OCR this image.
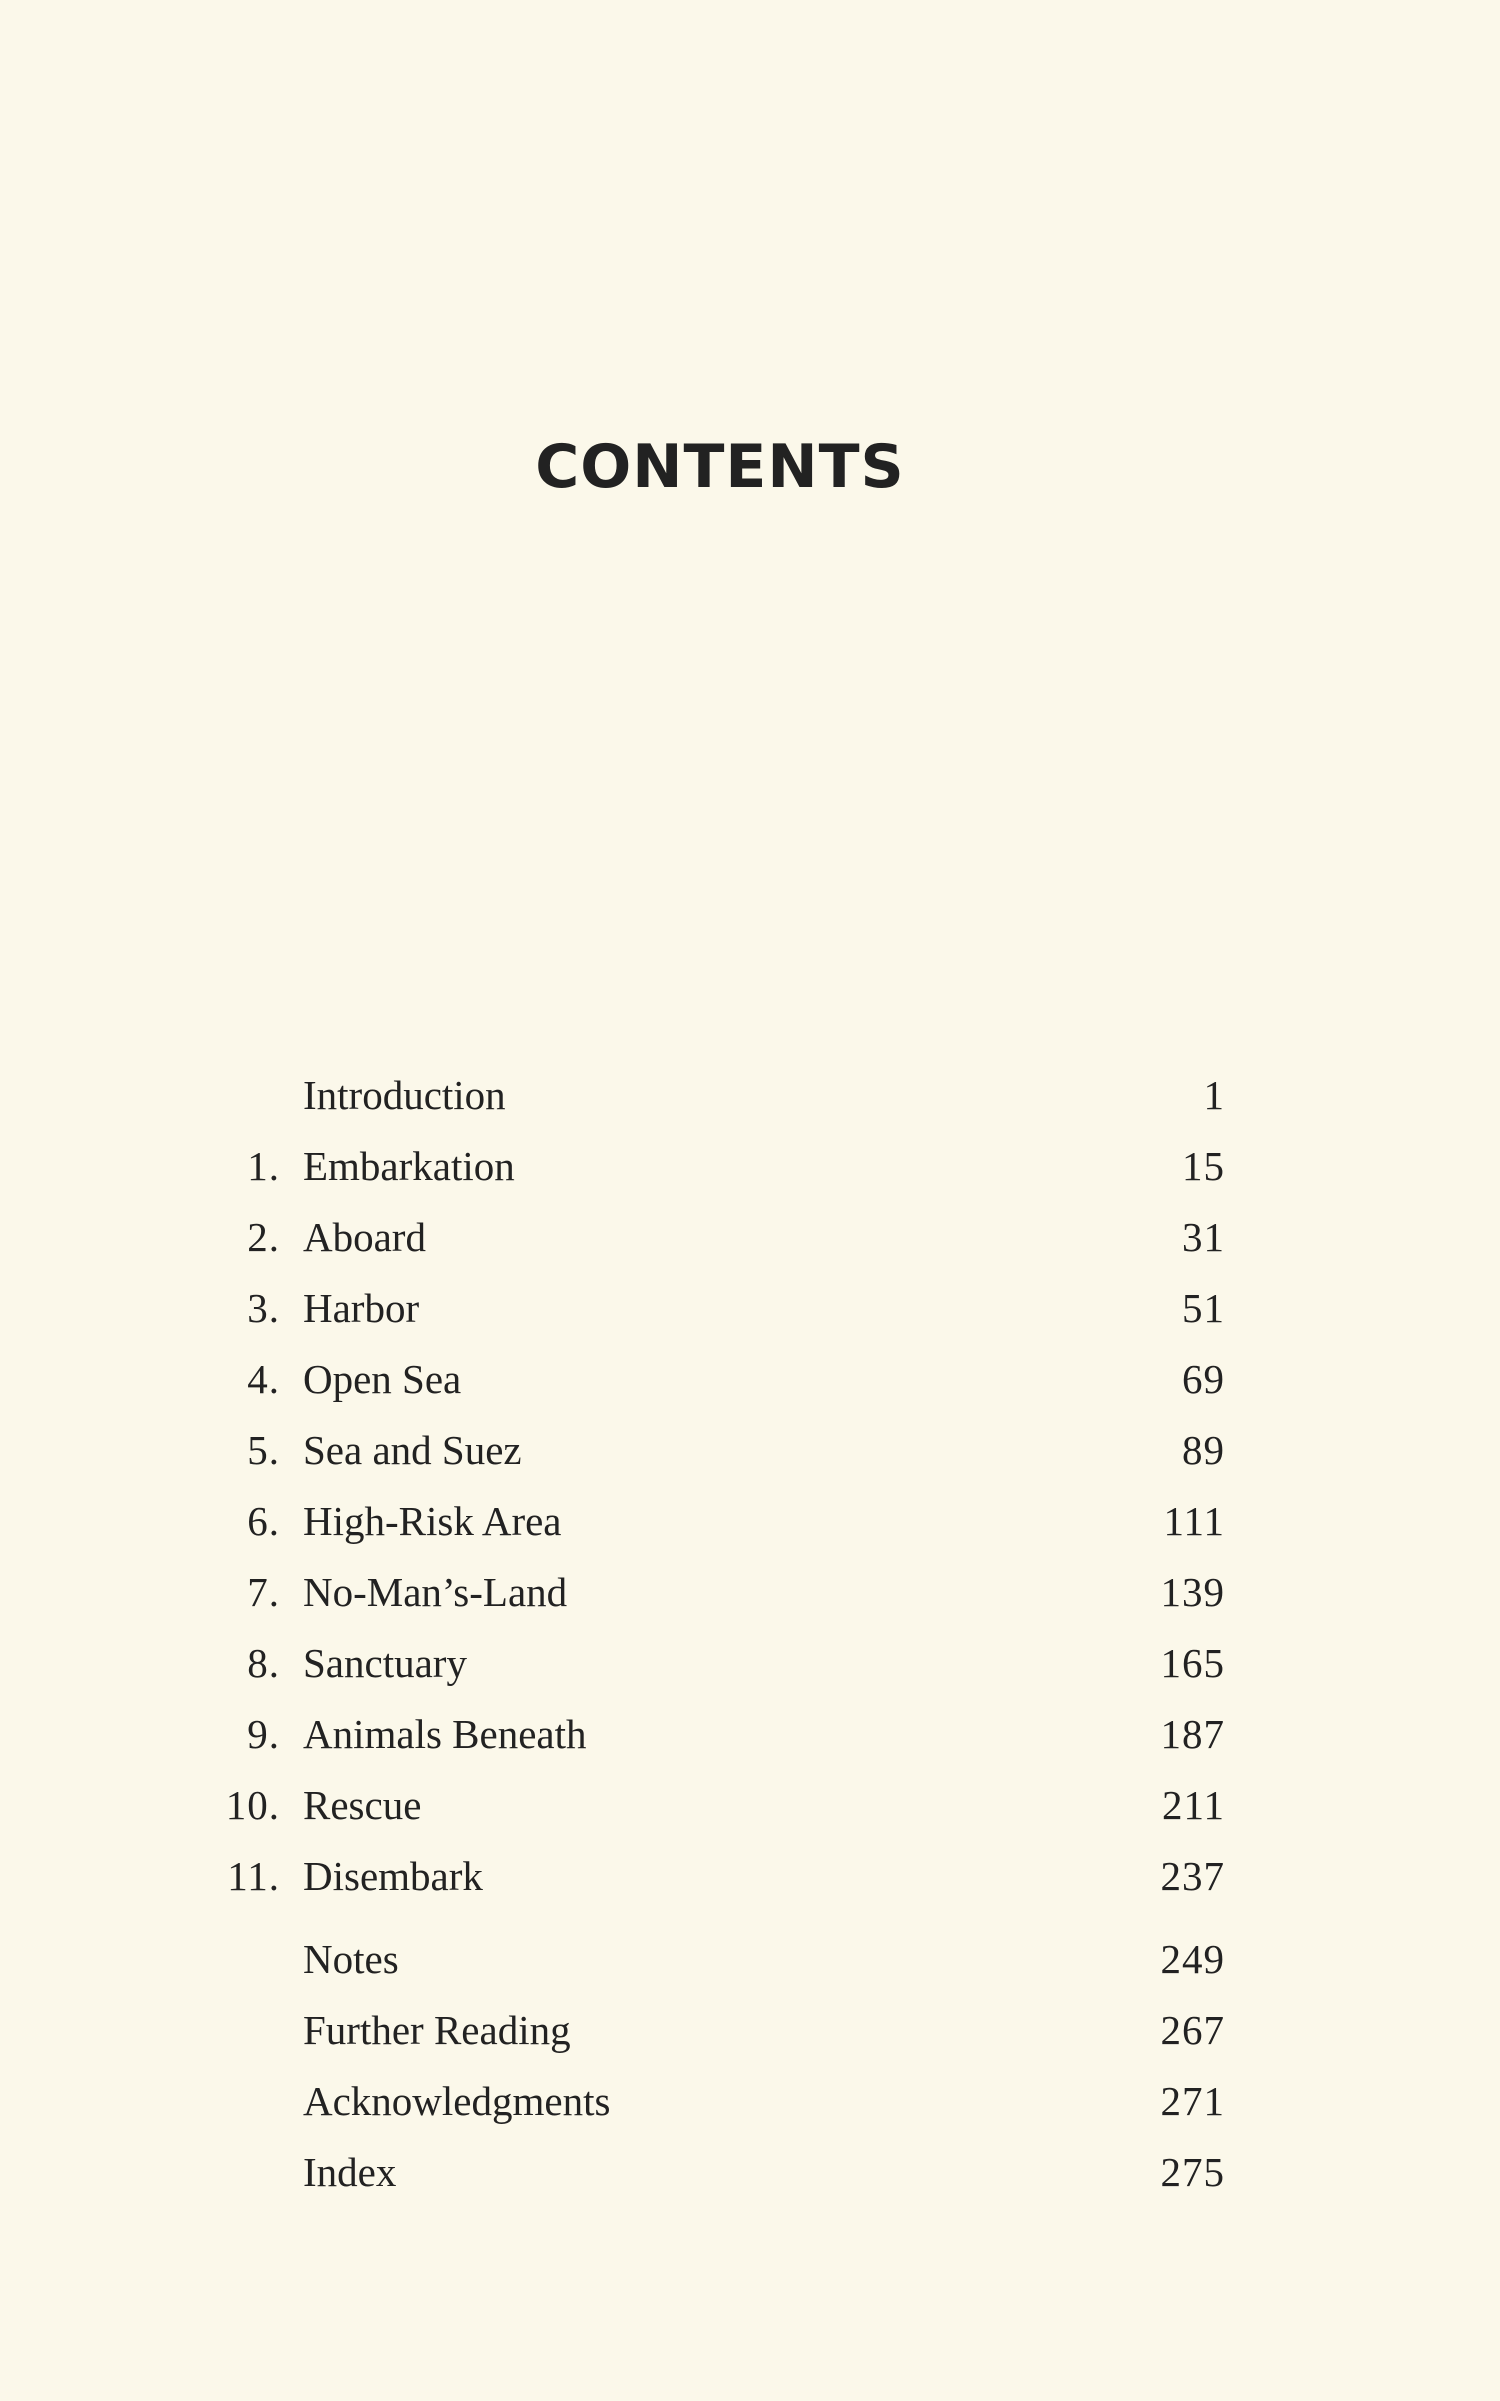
CONTENTS
Introduction	1
1. Embarkation	15
2. Aboard	31
3. Harbor	51
4. Open Sea	69
5. Sea and Suez	89
6. High-Risk Area	111
7. No-Man’s-Land	139
8. Sanctuary	165
9. Animals Beneath	187
10. Rescue	211
11. Disembark	237
Notes	249
Further Reading	267
Acknowledgments	271
Index	275
